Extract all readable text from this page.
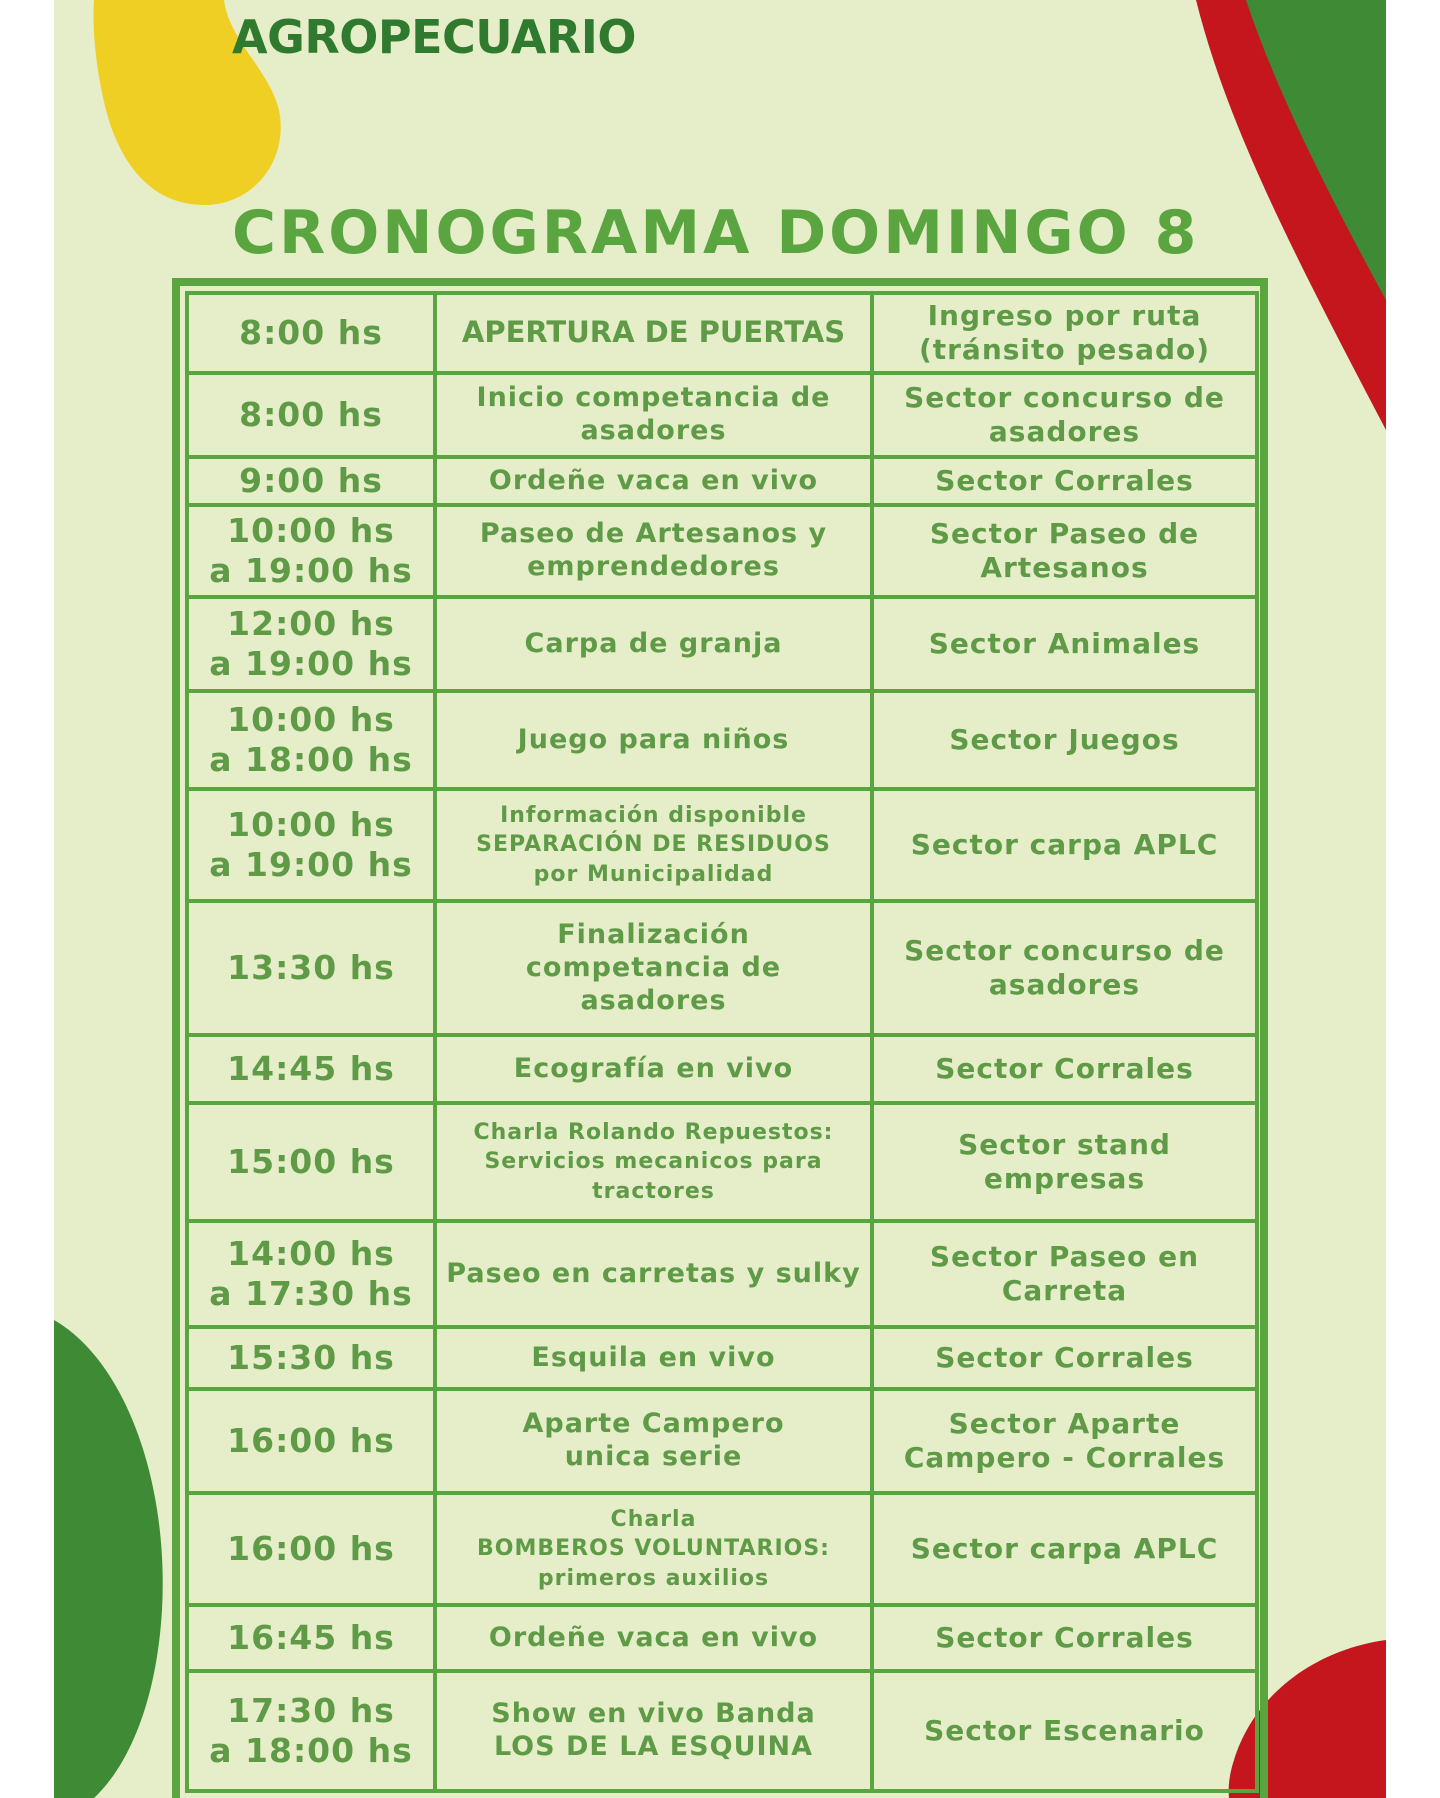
AGROPECUARIO
CRONOGRAMA DOMINGO 8
8:00 hs	APERTURA DE PUERTAS	Ingreso por ruta
(tránsito pesado)

8:00 hs	Inicio competancia de
asadores	Sector concurso de
asadores

9:00 hs	Ordeñe vaca en vivo	Sector Corrales

10:00 hs
a 19:00 hs	Paseo de Artesanos y
emprendedores	Sector Paseo de
Artesanos

12:00 hs
a 19:00 hs	Carpa de granja	Sector Animales

10:00 hs
a 18:00 hs	Juego para niños	Sector Juegos

10:00 hs
a 19:00 hs	Información disponible
SEPARACIÓN DE RESIDUOS
por Municipalidad	Sector carpa APLC

13:30 hs	Finalización
competancia de
asadores	Sector concurso de
asadores

14:45 hs	Ecografía en vivo	Sector Corrales

15:00 hs	Charla Rolando Repuestos:
Servicios mecanicos para
tractores	Sector stand
empresas

14:00 hs
a 17:30 hs	Paseo en carretas y sulky	Sector Paseo en
Carreta

15:30 hs	Esquila en vivo	Sector Corrales

16:00 hs	Aparte Campero
unica serie	Sector Aparte
Campero - Corrales

16:00 hs	Charla
BOMBEROS VOLUNTARIOS:
primeros auxilios	Sector carpa APLC

16:45 hs	Ordeñe vaca en vivo	Sector Corrales

17:30 hs
a 18:00 hs	Show en vivo Banda
LOS DE LA ESQUINA	Sector Escenario
